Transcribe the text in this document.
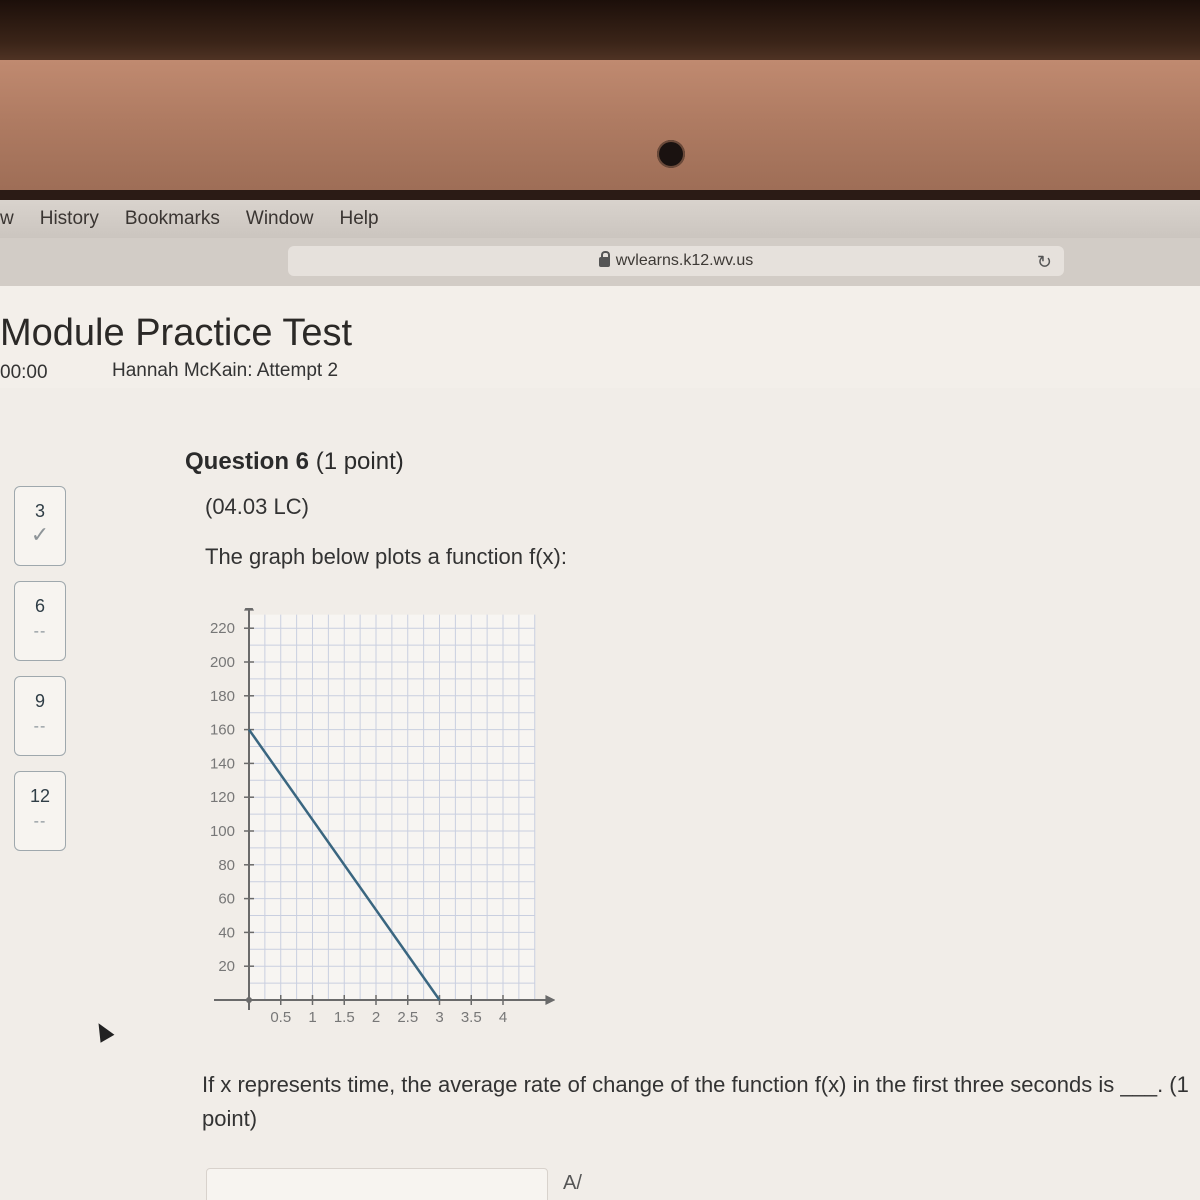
w History Bookmarks Window Help
wvlearns.k12.wv.us	↻
Module Practice Test
00:00	Hannah McKain: Attempt 2
3
✓
6
--
9
--
12
--
Question 6 (1 point)
(04.03 LC)
The graph below plots a function f(x):
0.5 1 1.5 2 2.5 3 3.5 4
20
40
60
80
100
120
140
160
180
200
220
If x represents time, the average rate of change of the function f(x) in the first three seconds is ___. (1 point)
A/
